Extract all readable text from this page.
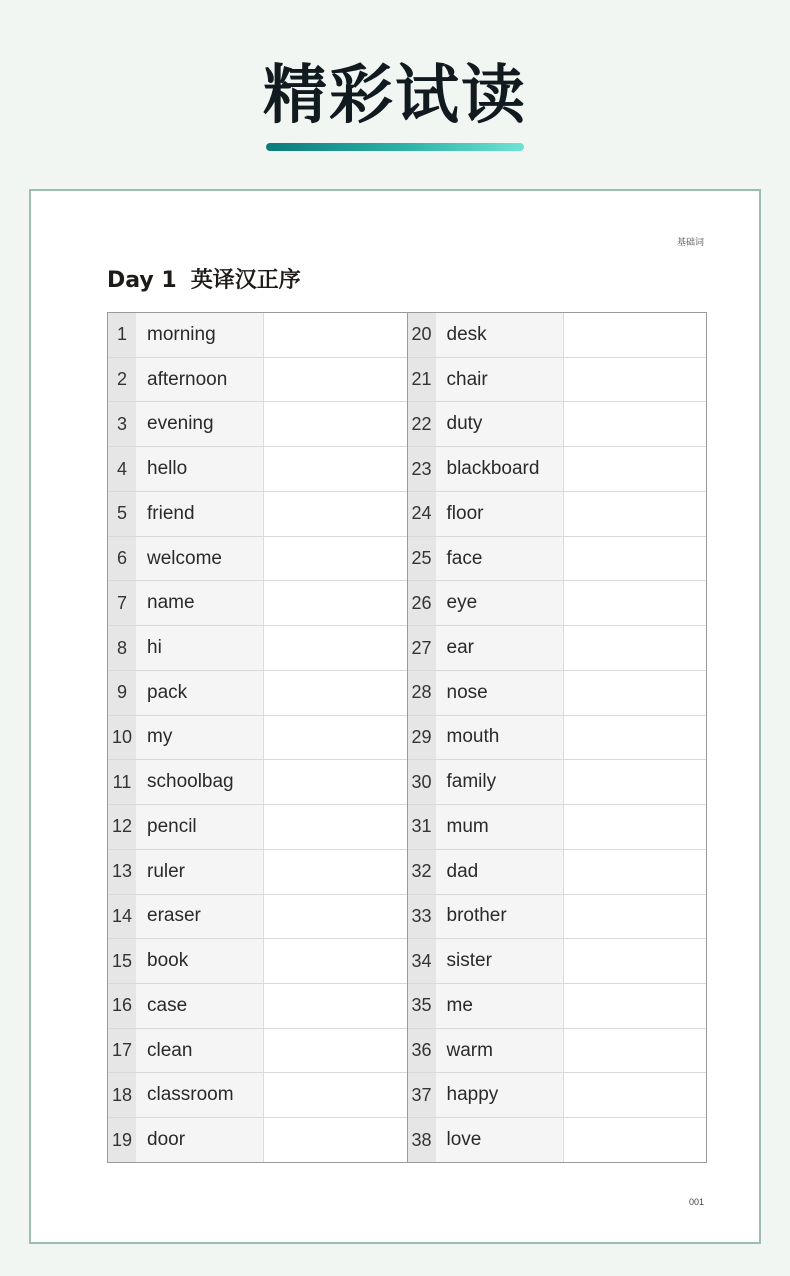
精彩试读
基础词
Day 1 英译汉正序
1	morning
2	afternoon
3	evening
4	hello
5	friend
6	welcome
7	name
8	hi
9	pack
10 my
11 schoolbag
12 pencil
13 ruler
14 eraser
15 book
16 case
17 clean
18 classroom
19 door
20 desk
21 chair
22 duty
23 blackboard
24 floor
25 face
26 eye
27 ear
28 nose
29 mouth
30 family
31 mum
32 dad
33 brother
34 sister
35 me
36 warm
37 happy
38 love
001
